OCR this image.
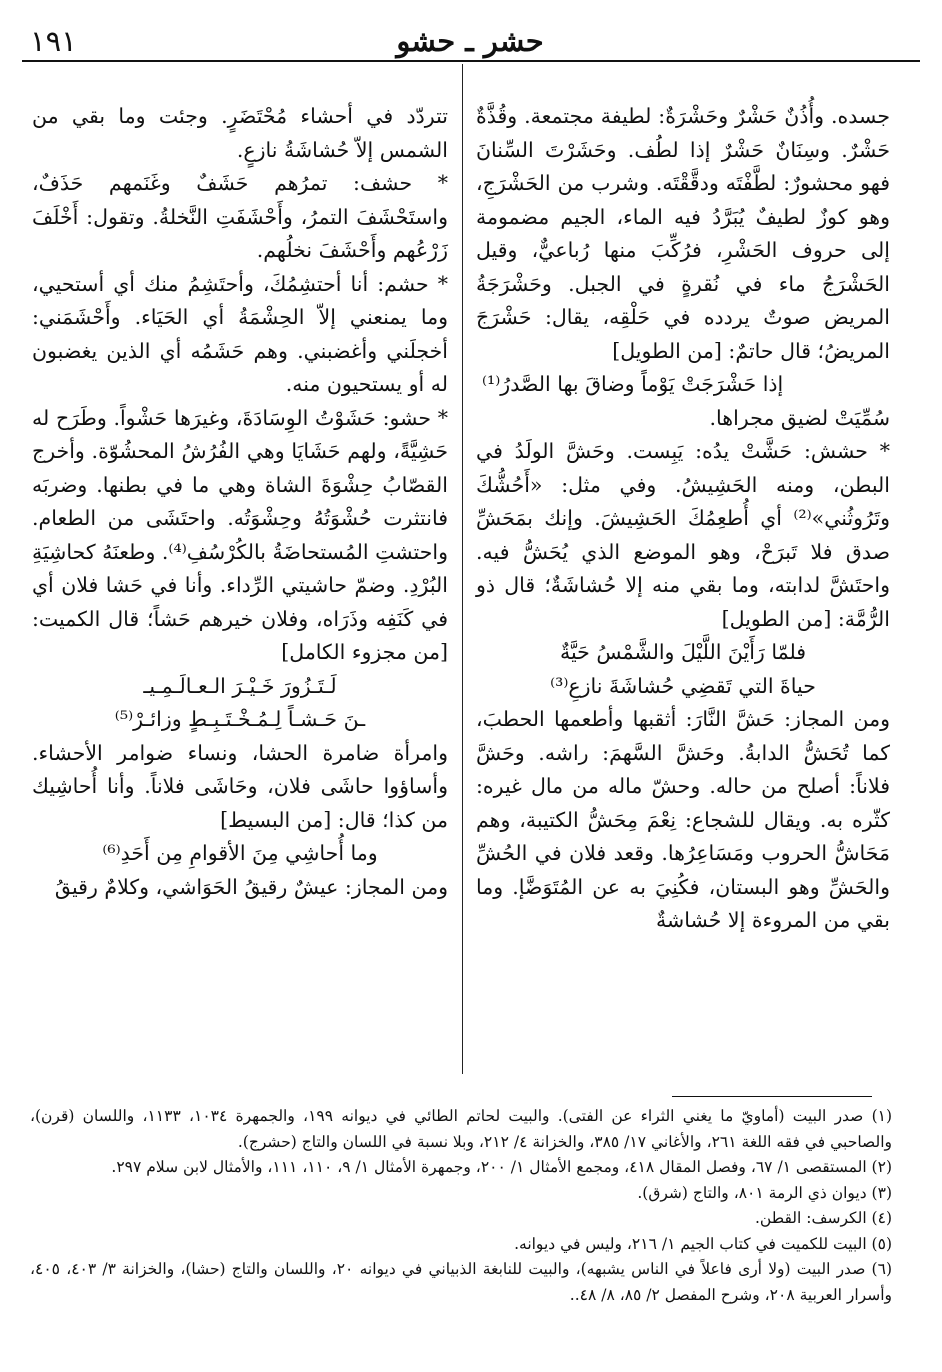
حشر ـ حشو
١٩١

جسده. وأُذُنٌ حَشْرٌ وحَشْرَةٌ: لطيفة مجتمعة. وقُذَّةٌ حَشْرٌ. وسِنَانٌ حَشْرٌ إذا لطُف. وحَشَرْتَ السِّنانَ فهو محشورٌ: لطَّفْتَه ودقَّقْتَه. وشرب من الحَشْرَجِ، وهو كوزٌ لطيفٌ يُبَرَّدُ فيه الماء، الجيم مضمومة إلى حروف الحَشْرِ، فرُكِّبَ منها رُباعيٌّ، وقيل الحَشْرَجُ ماء في نُقرةٍ في الجبل. وحَشْرَجَةُ المريض صوتٌ يردده في حَلْقِه، يقال: حَشْرَجَ المريضُ؛ قال حاتمٌ: [من الطويل]

إذا حَشْرَجَتْ يَوْماً وضاقَ بها الصَّدرُ⁽¹⁾

سُمِّيَتْ لضيق مجراها.

* حشش: حَشَّتْ يدُه: يَبِست. وحَشَّ الولَدُ في البطن، ومنه الحَشِيشُ. وفي مثل: «أَحُشُّكَ وتَرُوثُني»⁽²⁾ أي أُطعِمُكَ الحَشِيشَ. وإنك بمَحَشِّ صدق فلا تَبرَحْ، وهو الموضع الذي يُحَشُّ فيه. واحتَشَّ لدابته، وما بقي منه إلا حُشاشَةٌ؛ قال ذو الرُّمَّة: [من الطويل]

فلمّا رَأَيْنَ اللَّيْلَ والشَّمْسُ حَيَّةٌ

حياةَ التي تَقضِي حُشاشَةَ نازعِ⁽³⁾

ومن المجاز: حَشَّ النَّارَ: أثقبها وأطعمها الحطبَ، كما تُحَشُّ الدابةُ. وحَشَّ السَّهمَ: راشه. وحَشَّ فلاناً: أصلح من حاله. وحشّ ماله من مال غيره: كثّره به. ويقال للشجاع: نِعْمَ مِحَشُّ الكتيبة، وهم مَحَاشُّ الحروب ومَسَاعِرُها. وقعد فلان في الحُشِّ والحَشِّ وهو البستان، فكُنِيَ به عن المُتَوَضَّإ. وما بقي من المروءة إلا حُشاشةٌ

تتردّد في أحشاء مُحْتَضَرٍ. وجئت وما بقي من الشمس إلاّ حُشاشَةُ نازعٍ.

* حشف: تمرُهم حَشَفٌ وغَنَمهم حَذَفٌ، واستَحْشَفَ التمرُ، وأَحْشَفَتِ النَّخلةُ. وتقول: أَخْلَفَ زَرْعُهم وأَحْشَفَ نخلُهم.

* حشم: أنا أحتشِمُكَ، وأحتَشِمُ منك أي أستحيي، وما يمنعني إلاّ الحِشْمَةُ أي الحَيَاء. وأَحْشَمَني: أخجلَني وأغضبني. وهم حَشَمُه أي الذين يغضبون له أو يستحيون منه.

* حشو: حَشَوْتُ الوِسَادَةَ، وغيرَها حَشْواً. وطَرَح له حَشِيَّةً، ولهم حَشَايَا وهي الفُرُشُ المحشُوّة. وأخرج القصّابُ حِشْوَةَ الشاة وهي ما في بطنها. وضربَه فانتثرت حُشْوَتُهُ وحِشْوَتُه. واحتَشَى من الطعام. واحتشتِ المُستحاضَةُ بالكُرْسُفِ⁽⁴⁾. وطعنَهُ كحاشِيَةِ البُرْدِ. وضمّ حاشيتي الرِّداء. وأنا في حَشا فلان أي في كَنَفِه وذَرَاه، وفلان خيرهم حَشاً؛ قال الكميت: [من مجزوء الكامل]

لَـتَـزُورَ خَـيْـرَ الـعـالَـمِـيـ

ـنَ حَـشـاً لِـمُـخْـتَـبِـطٍ وزائـرْ⁽⁵⁾

وامرأة ضامرة الحشا، ونساء ضوامر الأحشاء. وأساؤوا حاشَى فلان، وحَاشَى فلاناً. وأنا أُحاشِيك من كذا؛ قال: [من البسيط]

وما أُحاشِي مِنَ الأقوامِ مِن أَحَدِ⁽⁶⁾

ومن المجاز: عيشٌ رقيقُ الحَوَاشي، وكلامٌ رقيقُ

(١) صدر البيت (أماويّ ما يغني الثراء عن الفتى). والبيت لحاتم الطائي في ديوانه ١٩٩، والجمهرة ١٠٣٤، ١١٣٣، واللسان (قرن)، والصاحبي في فقه اللغة ٢٦١، والأغاني ١٧/ ٣٨٥، والخزانة ٤/ ٢١٢، وبلا نسبة في اللسان والتاج (حشرج).

(٢) المستقصى ١/ ٦٧، وفصل المقال ٤١٨، ومجمع الأمثال ١/ ٢٠٠، وجمهرة الأمثال ١/ ٩، ١١٠، ١١١، والأمثال لابن سلام ٢٩٧.

(٣) ديوان ذي الرمة ٨٠١، والتاج (شرق).

(٤) الكرسف: القطن.

(٥) البيت للكميت في كتاب الجيم ١/ ٢١٦، وليس في ديوانه.

(٦) صدر البيت (ولا أرى فاعلاً في الناس يشبهه)، والبيت للنابغة الذبياني في ديوانه ٢٠، واللسان والتاج (حشا)، والخزانة ٣/ ٤٠٣، ٤٠٥، وأسرار العربية ٢٠٨، وشرح المفصل ٢/ ٨٥، ٨/ ٤٨..
